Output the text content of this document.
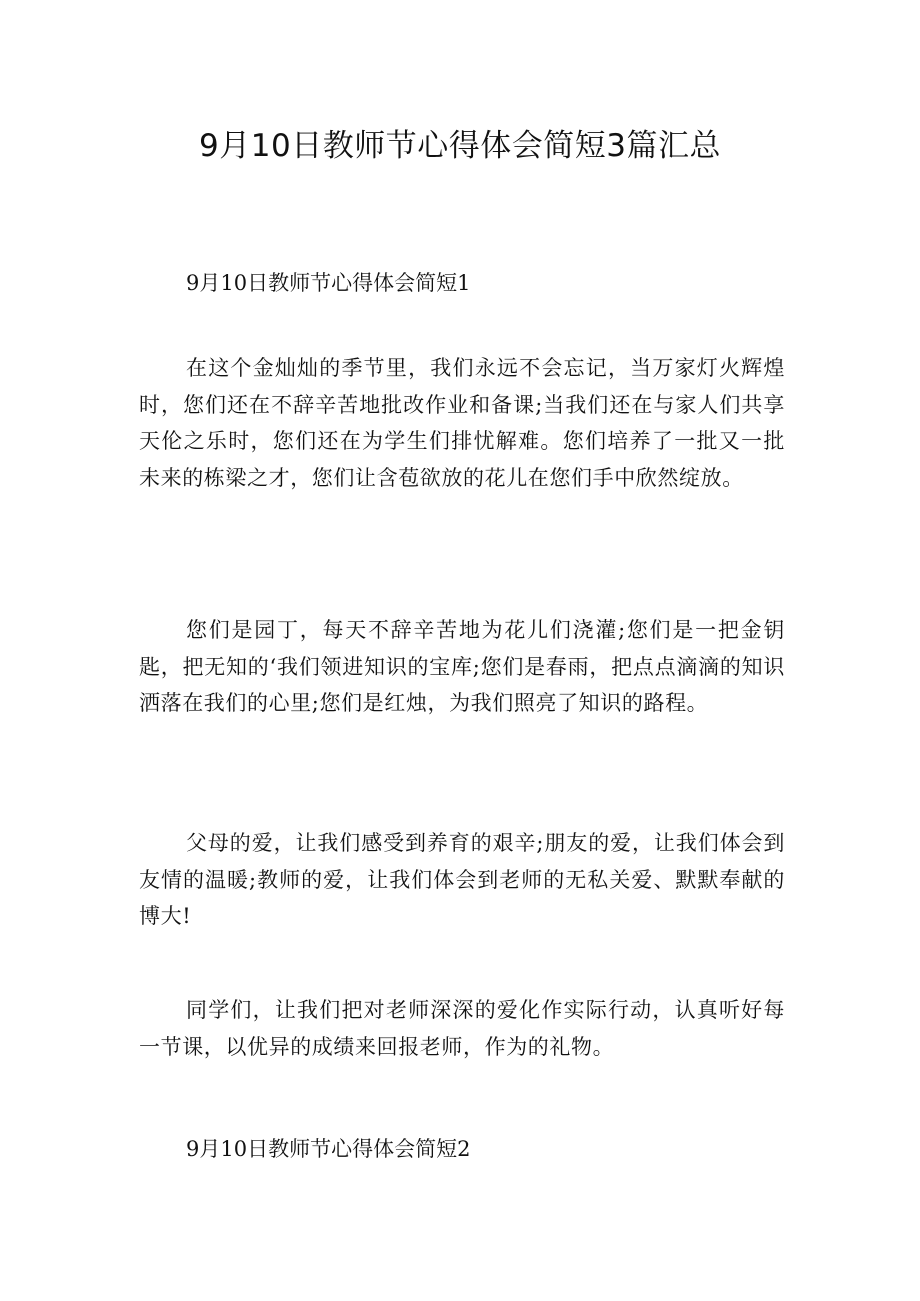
9月10日教师节心得体会简短3篇汇总
9月10日教师节心得体会简短1

在这个金灿灿的季节里，我们永远不会忘记，当万家灯火辉煌时，您们还在不辞辛苦地批改作业和备课;当我们还在与家人们共享天伦之乐时，您们还在为学生们排忧解难。您们培养了一批又一批未来的栋梁之才，您们让含苞欲放的花儿在您们手中欣然绽放。

您们是园丁，每天不辞辛苦地为花儿们浇灌;您们是一把金钥匙，把无知的‘我们领进知识的宝库;您们是春雨，把点点滴滴的知识洒落在我们的心里;您们是红烛，为我们照亮了知识的路程。

父母的爱，让我们感受到养育的艰辛;朋友的爱，让我们体会到友情的温暖;教师的爱，让我们体会到老师的无私关爱、默默奉献的博大!

同学们，让我们把对老师深深的爱化作实际行动，认真听好每一节课，以优异的成绩来回报老师，作为的礼物。

9月10日教师节心得体会简短2
